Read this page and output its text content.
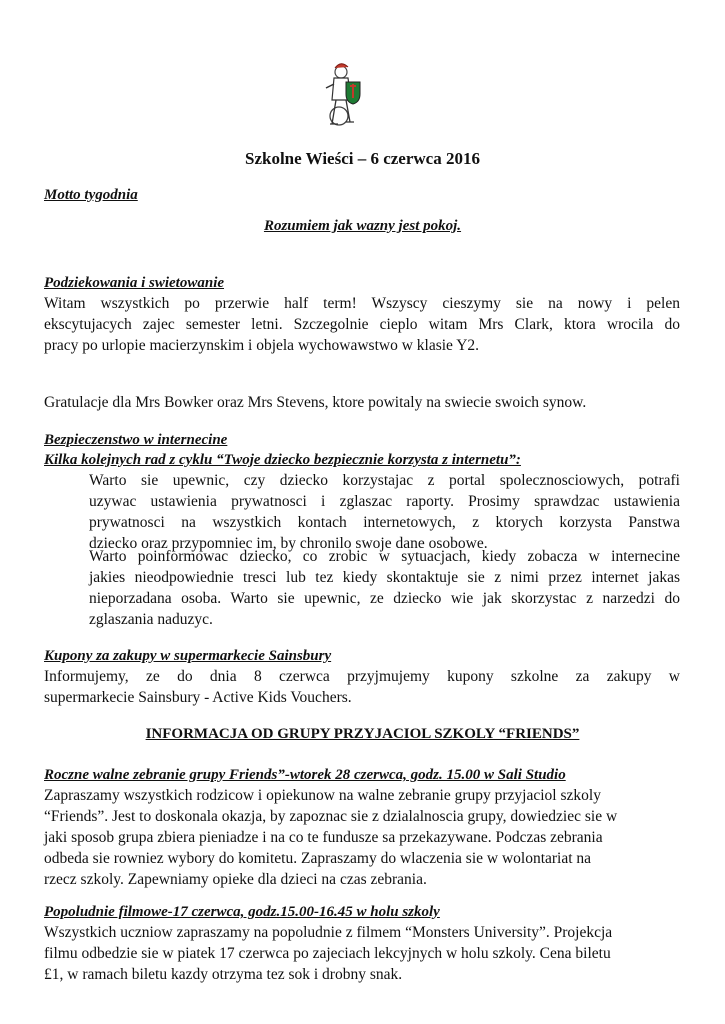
Szkolne Wieści – 6 czerwca 2016
Motto tygodnia
Rozumiem jak wazny jest pokoj.
Podziekowania i swietowanie
Witam wszystkich po przerwie half term! Wszyscy cieszymy sie na nowy i pelen
ekscytujacych zajec semester letni. Szczegolnie cieplo witam Mrs Clark, ktora wrocila do
pracy po urlopie macierzynskim i objela wychowawstwo w klasie Y2.
Gratulacje dla Mrs Bowker oraz Mrs Stevens, ktore powitaly na swiecie swoich synow.
Bezpieczenstwo w internecine
Kilka kolejnych rad z cyklu “Twoje dziecko bezpiecznie korzysta z internetu”:
Warto sie upewnic, czy dziecko korzystajac z portal spolecznosciowych, potrafi
uzywac ustawienia prywatnosci i zglaszac raporty. Prosimy sprawdzac ustawienia
prywatnosci na wszystkich kontach internetowych, z ktorych korzysta Panstwa
dziecko oraz przypomniec im, by chronilo swoje dane osobowe.
Warto poinformowac dziecko, co zrobic w sytuacjach, kiedy zobacza w internecine
jakies nieodpowiednie tresci lub tez kiedy skontaktuje sie z nimi przez internet jakas
nieporzadana osoba. Warto sie upewnic, ze dziecko wie jak skorzystac z narzedzi do
zglaszania naduzyc.
Kupony za zakupy w supermarkecie Sainsbury
Informujemy, ze do dnia 8 czerwca przyjmujemy kupony szkolne za zakupy w
supermarkecie Sainsbury - Active Kids Vouchers.
INFORMACJA OD GRUPY PRZYJACIOL SZKOLY “FRIENDS”
Roczne walne zebranie grupy Friends”-wtorek 28 czerwca, godz. 15.00 w Sali Studio
Zapraszamy wszystkich rodzicow i opiekunow na walne zebranie grupy przyjaciol szkoly
“Friends”. Jest to doskonala okazja, by zapoznac sie z dzialalnoscia grupy, dowiedziec sie w
jaki sposob grupa zbiera pieniadze i na co te fundusze sa przekazywane. Podczas zebrania
odbeda sie rowniez wybory do komitetu. Zapraszamy do wlaczenia sie w wolontariat na
rzecz szkoly. Zapewniamy opieke dla dzieci na czas zebrania.
Popoludnie filmowe-17 czerwca, godz.15.00-16.45 w holu szkoly
Wszystkich uczniow zapraszamy na popoludnie z filmem “Monsters University”. Projekcja
filmu odbedzie sie w piatek 17 czerwca po zajeciach lekcyjnych w holu szkoly. Cena biletu
£1, w ramach biletu kazdy otrzyma tez sok i drobny snak.
